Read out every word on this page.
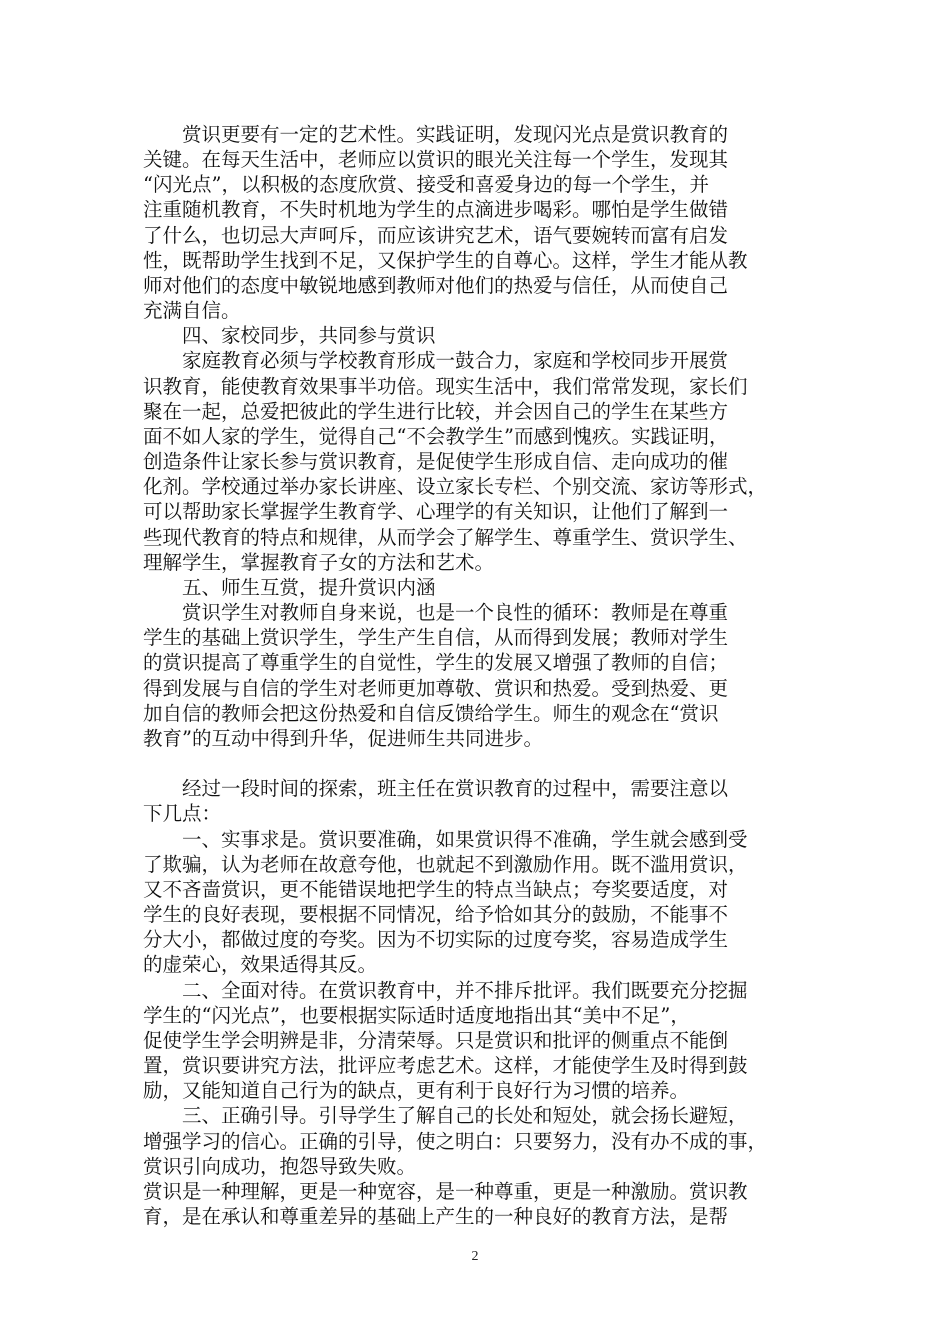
赏识更要有一定的艺术性。实践证明，发现闪光点是赏识教育的
关键。在每天生活中，老师应以赏识的眼光关注每一个学生，发现其
“闪光点”，以积极的态度欣赏、接受和喜爱身边的每一个学生，并
注重随机教育，不失时机地为学生的点滴进步喝彩。哪怕是学生做错
了什么，也切忌大声呵斥，而应该讲究艺术，语气要婉转而富有启发
性，既帮助学生找到不足，又保护学生的自尊心。这样，学生才能从教
师对他们的态度中敏锐地感到教师对他们的热爱与信任，从而使自己
充满自信。
四、家校同步，共同参与赏识
家庭教育必须与学校教育形成一鼓合力，家庭和学校同步开展赏
识教育，能使教育效果事半功倍。现实生活中，我们常常发现，家长们
聚在一起，总爱把彼此的学生进行比较，并会因自己的学生在某些方
面不如人家的学生，觉得自己“不会教学生”而感到愧疚。实践证明，
创造条件让家长参与赏识教育，是促使学生形成自信、走向成功的催
化剂。学校通过举办家长讲座、设立家长专栏、个别交流、家访等形式，
可以帮助家长掌握学生教育学、心理学的有关知识，让他们了解到一
些现代教育的特点和规律，从而学会了解学生、尊重学生、赏识学生、
理解学生，掌握教育子女的方法和艺术。
五、师生互赏，提升赏识内涵
赏识学生对教师自身来说，也是一个良性的循环：教师是在尊重
学生的基础上赏识学生，学生产生自信，从而得到发展；教师对学生
的赏识提高了尊重学生的自觉性，学生的发展又增强了教师的自信；
得到发展与自信的学生对老师更加尊敬、赏识和热爱。受到热爱、更
加自信的教师会把这份热爱和自信反馈给学生。师生的观念在“赏识
教育”的互动中得到升华，促进师生共同进步。
经过一段时间的探索，班主任在赏识教育的过程中，需要注意以
下几点：
一、实事求是。赏识要准确，如果赏识得不准确，学生就会感到受
了欺骗，认为老师在故意夸他，也就起不到激励作用。既不滥用赏识，
又不吝啬赏识，更不能错误地把学生的特点当缺点；夸奖要适度，对
学生的良好表现，要根据不同情况，给予恰如其分的鼓励，不能事不
分大小，都做过度的夸奖。因为不切实际的过度夸奖，容易造成学生
的虚荣心，效果适得其反。
二、全面对待。在赏识教育中，并不排斥批评。我们既要充分挖掘
学生的“闪光点”，也要根据实际适时适度地指出其“美中不足”，
促使学生学会明辨是非，分清荣辱。只是赏识和批评的侧重点不能倒
置，赏识要讲究方法，批评应考虑艺术。这样，才能使学生及时得到鼓
励，又能知道自己行为的缺点，更有利于良好行为习惯的培养。
三、正确引导。引导学生了解自己的长处和短处，就会扬长避短，
增强学习的信心。正确的引导，使之明白：只要努力，没有办不成的事，
赏识引向成功，抱怨导致失败。
赏识是一种理解，更是一种宽容，是一种尊重，更是一种激励。赏识教
育，是在承认和尊重差异的基础上产生的一种良好的教育方法，是帮
2
